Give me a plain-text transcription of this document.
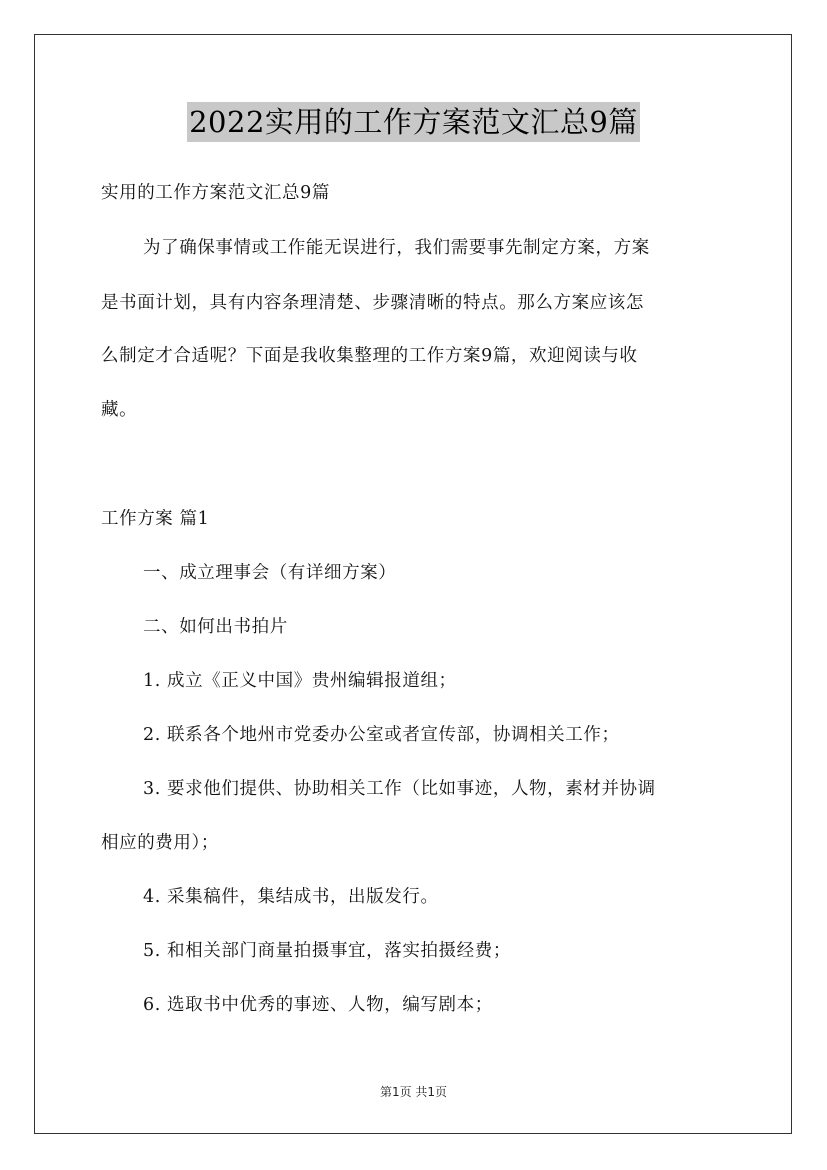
2022实用的工作方案范文汇总9篇
实用的工作方案范文汇总9篇
为了确保事情或工作能无误进行，我们需要事先制定方案，方案
是书面计划，具有内容条理清楚、步骤清晰的特点。那么方案应该怎
么制定才合适呢？下面是我收集整理的工作方案9篇，欢迎阅读与收
藏。
工作方案 篇1
一、成立理事会（有详细方案）
二、如何出书拍片
1. 成立《正义中国》贵州编辑报道组；
2. 联系各个地州市党委办公室或者宣传部，协调相关工作；
3. 要求他们提供、协助相关工作（比如事迹，人物，素材并协调
相应的费用）；
4. 采集稿件，集结成书，出版发行。
5. 和相关部门商量拍摄事宜，落实拍摄经费；
6. 选取书中优秀的事迹、人物，编写剧本；
第1页 共1页
